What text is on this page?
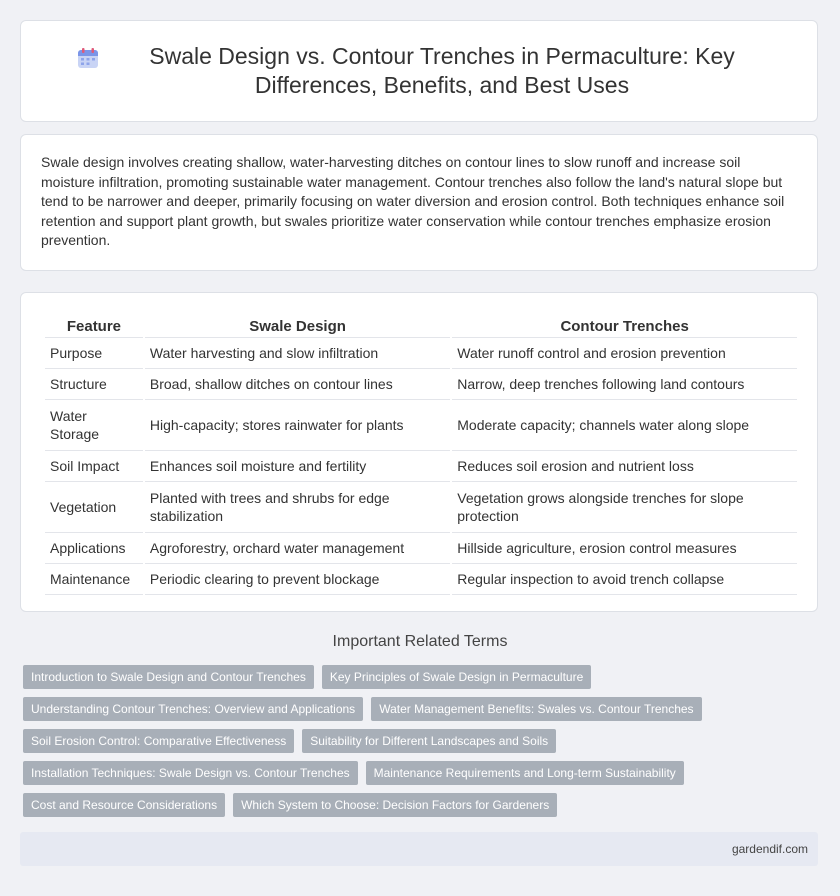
Swale Design vs. Contour Trenches in Permaculture: Key Differences, Benefits, and Best Uses

Swale design involves creating shallow, water-harvesting ditches on contour lines to slow runoff and increase soil moisture infiltration, promoting sustainable water management. Contour trenches also follow the land's natural slope but tend to be narrower and deeper, primarily focusing on water diversion and erosion control. Both techniques enhance soil retention and support plant growth, but swales prioritize water conservation while contour trenches emphasize erosion prevention.

Feature	Swale Design	Contour Trenches
Purpose	Water harvesting and slow infiltration	Water runoff control and erosion prevention
Structure	Broad, shallow ditches on contour lines	Narrow, deep trenches following land contours
Water Storage	High-capacity; stores rainwater for plants	Moderate capacity; channels water along slope
Soil Impact	Enhances soil moisture and fertility	Reduces soil erosion and nutrient loss
Vegetation	Planted with trees and shrubs for edge stabilization	Vegetation grows alongside trenches for slope protection
Applications	Agroforestry, orchard water management	Hillside agriculture, erosion control measures
Maintenance	Periodic clearing to prevent blockage	Regular inspection to avoid trench collapse
Important Related Terms
Introduction to Swale Design and Contour Trenches	Key Principles of Swale Design in Permaculture
Understanding Contour Trenches: Overview and Applications	Water Management Benefits: Swales vs. Contour Trenches
Soil Erosion Control: Comparative Effectiveness	Suitability for Different Landscapes and Soils
Installation Techniques: Swale Design vs. Contour Trenches	Maintenance Requirements and Long-term Sustainability
Cost and Resource Considerations	Which System to Choose: Decision Factors for Gardeners
gardendif.com
